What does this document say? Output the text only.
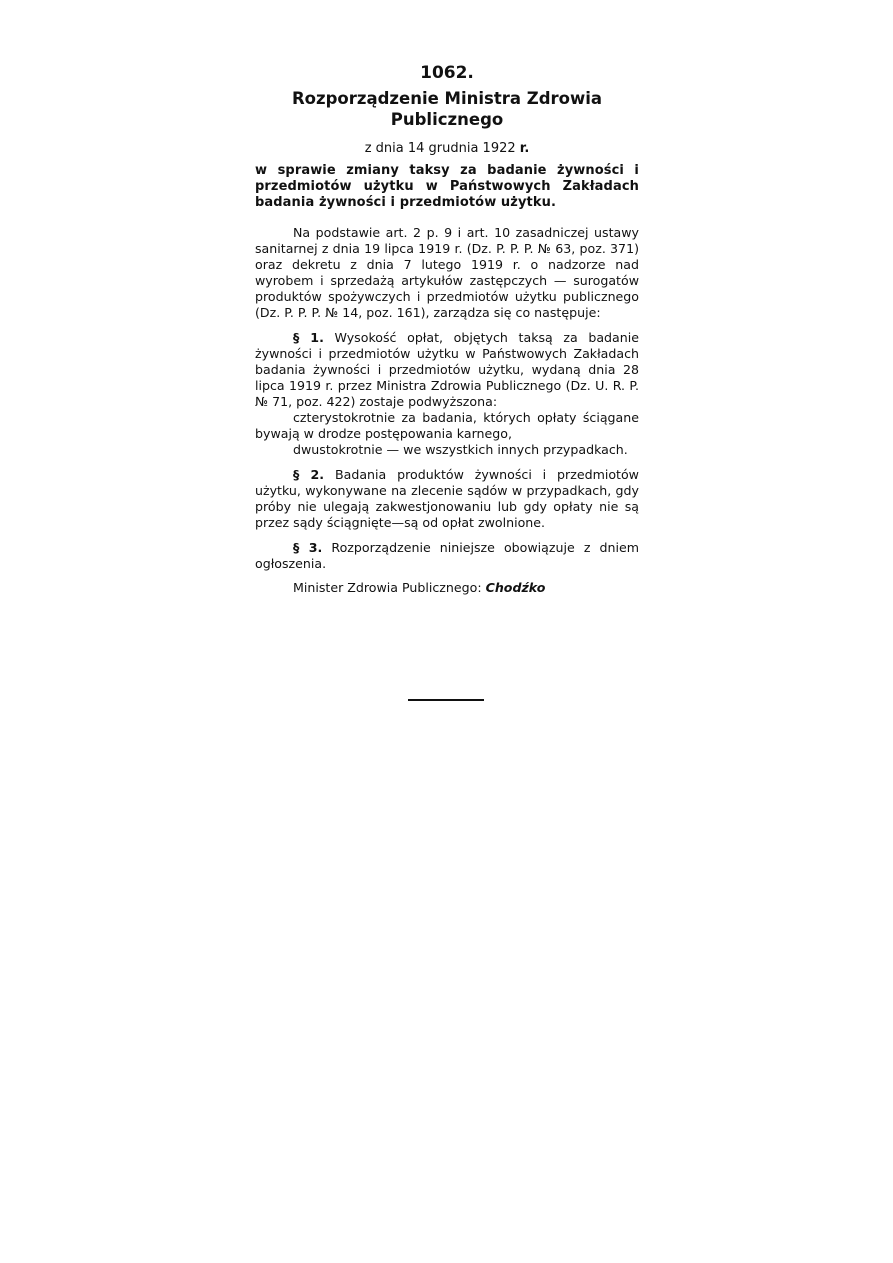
1062.
Rozporządzenie Ministra Zdrowia Publicznego
z dnia 14 grudnia 1922 r.
w sprawie zmiany taksy za badanie żywności i przedmiotów użytku w Państwowych Zakładach badania żywności i przedmiotów użytku.

Na podstawie art. 2 p. 9 i art. 10 zasadniczej ustawy sanitarnej z dnia 19 lipca 1919 r. (Dz. P. P. P. № 63, poz. 371) oraz dekretu z dnia 7 lutego 1919 r. o nadzorze nad wyrobem i sprzedażą artykułów zastępczych — surogatów produktów spożywczych i przedmiotów użytku publicznego (Dz. P. P. P. № 14, poz. 161), zarządza się co następuje:

§ 1. Wysokość opłat, objętych taksą za badanie żywności i przedmiotów użytku w Państwowych Zakładach badania żywności i przedmiotów użytku, wydaną dnia 28 lipca 1919 r. przez Ministra Zdrowia Publicznego (Dz. U. R. P. № 71, poz. 422) zostaje podwyższona:

czterystokrotnie za badania, których opłaty ściągane bywają w drodze postępowania karnego,

dwustokrotnie — we wszystkich innych przypadkach.

§ 2. Badania produktów żywności i przedmiotów użytku, wykonywane na zlecenie sądów w przypadkach, gdy próby nie ulegają zakwestjonowaniu lub gdy opłaty nie są przez sądy ściągnięte—są od opłat zwolnione.

§ 3. Rozporządzenie niniejsze obowiązuje z dniem ogłoszenia.

Minister Zdrowia Publicznego: Chodźko
